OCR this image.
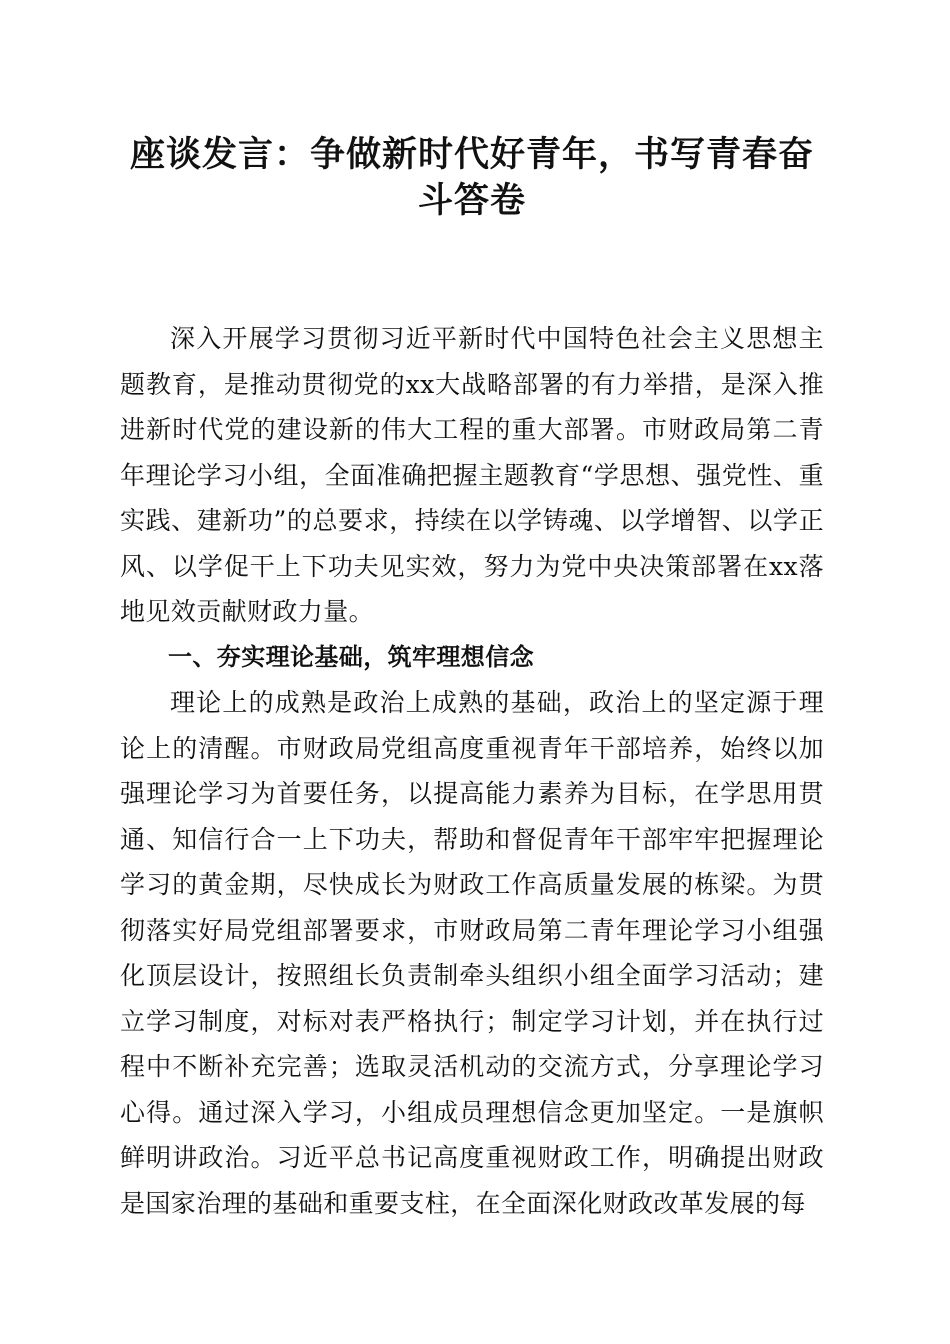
座谈发言：争做新时代好青年，书写青春奋斗答卷

深入开展学习贯彻习近平新时代中国特色社会主义思想主题教育，是推动贯彻党的xx大战略部署的有力举措，是深入推进新时代党的建设新的伟大工程的重大部署。市财政局第二青年理论学习小组，全面准确把握主题教育“学思想、强党性、重实践、建新功”的总要求，持续在以学铸魂、以学增智、以学正风、以学促干上下功夫见实效，努力为党中央决策部署在xx落地见效贡献财政力量。

一、夯实理论基础，筑牢理想信念

理论上的成熟是政治上成熟的基础，政治上的坚定源于理论上的清醒。市财政局党组高度重视青年干部培养，始终以加强理论学习为首要任务，以提高能力素养为目标，在学思用贯通、知信行合一上下功夫，帮助和督促青年干部牢牢把握理论学习的黄金期，尽快成长为财政工作高质量发展的栋梁。为贯彻落实好局党组部署要求，市财政局第二青年理论学习小组强化顶层设计，按照组长负责制牵头组织小组全面学习活动；建立学习制度，对标对表严格执行；制定学习计划，并在执行过程中不断补充完善；选取灵活机动的交流方式，分享理论学习心得。通过深入学习，小组成员理想信念更加坚定。一是旗帜鲜明讲政治。习近平总书记高度重视财政工作，明确提出财政是国家治理的基础和重要支柱，在全面深化财政改革发展的每
